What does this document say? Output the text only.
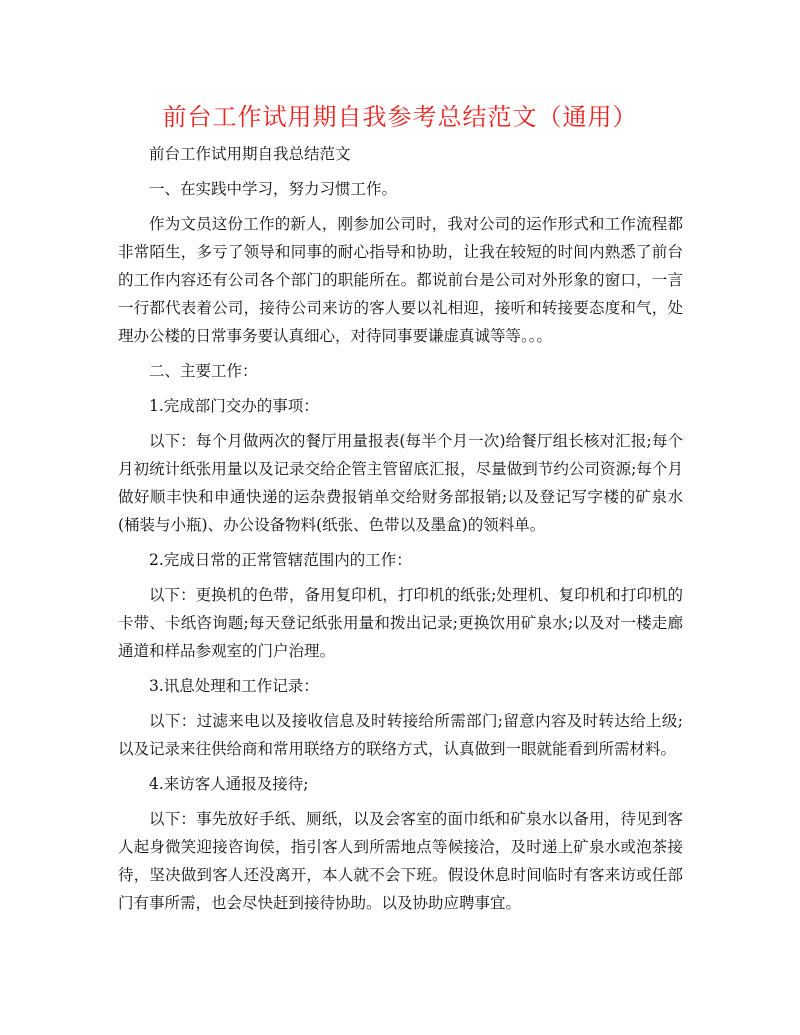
前台工作试用期自我参考总结范文（通用）

前台工作试用期自我总结范文

一、在实践中学习，努力习惯工作。

作为文员这份工作的新人，刚参加公司时，我对公司的运作形式和工作流程都非常陌生，多亏了领导和同事的耐心指导和协助，让我在较短的时间内熟悉了前台的工作内容还有公司各个部门的职能所在。都说前台是公司对外形象的窗口，一言一行都代表着公司，接待公司来访的客人要以礼相迎，接听和转接要态度和气，处理办公楼的日常事务要认真细心，对待同事要谦虚真诚等等。。。

二、主要工作：

1.完成部门交办的事项：

以下：每个月做两次的餐厅用量报表(每半个月一次)给餐厅组长核对汇报;每个月初统计纸张用量以及记录交给企管主管留底汇报，尽量做到节约公司资源;每个月做好顺丰快和申通快递的运杂费报销单交给财务部报销;以及登记写字楼的矿泉水(桶装与小瓶)、办公设备物料(纸张、色带以及墨盒)的领料单。

2.完成日常的正常管辖范围内的工作：

以下：更换机的色带，备用复印机，打印机的纸张;处理机、复印机和打印机的卡带、卡纸咨询题;每天登记纸张用量和拨出记录;更换饮用矿泉水;以及对一楼走廊通道和样品参观室的门户治理。

3.讯息处理和工作记录：

以下：过滤来电以及接收信息及时转接给所需部门;留意内容及时转达给上级;以及记录来往供给商和常用联络方的联络方式，认真做到一眼就能看到所需材料。

4.来访客人通报及接待;

以下：事先放好手纸、厕纸，以及会客室的面巾纸和矿泉水以备用，待见到客人起身微笑迎接咨询侯，指引客人到所需地点等候接洽，及时递上矿泉水或泡茶接待，坚决做到客人还没离开，本人就不会下班。假设休息时间临时有客来访或任部门有事所需，也会尽快赶到接待协助。以及协助应聘事宜。
